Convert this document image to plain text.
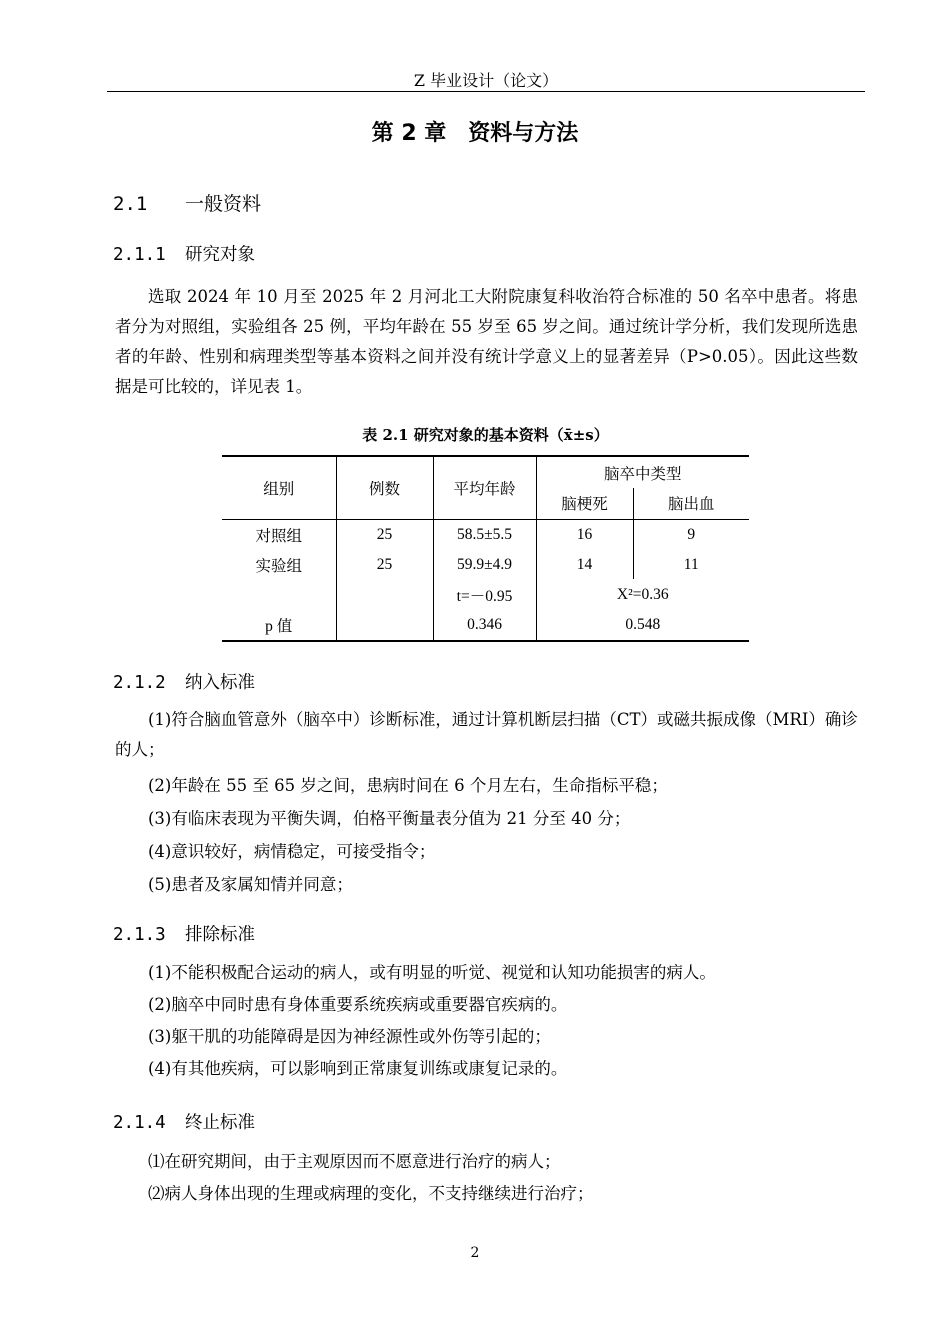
Z 毕业设计（论文）
第 2 章　资料与方法
2.1 一般资料
2.1.1 研究对象
选取 2024 年 10 月至 2025 年 2 月河北工大附院康复科收治符合标准的 50 名卒中患者。将患者分为对照组，实验组各 25 例，平均年龄在 55 岁至 65 岁之间。通过统计学分析，我们发现所选患者的年龄、性别和病理类型等基本资料之间并没有统计学意义上的显著差异（P>0.05）。因此这些数据是可比较的，详见表 1。
表 2.1 研究对象的基本资料（x̄±s）
组别	例数	平均年龄	脑卒中类型	
			脑梗死	脑出血
对照组	25	58.5±5.5	16	9
实验组	25	59.9±4.9	14	11
		t=－0.95	X²=0.36	
p 值		0.346	0.548	
2.1.2 纳入标准
(1)符合脑血管意外（脑卒中）诊断标准，通过计算机断层扫描（CT）或磁共振成像（MRI）确诊的人；
(2)年龄在 55 至 65 岁之间，患病时间在 6 个月左右，生命指标平稳；
(3)有临床表现为平衡失调，伯格平衡量表分值为 21 分至 40 分；
(4)意识较好，病情稳定，可接受指令；
(5)患者及家属知情并同意；
2.1.3 排除标准
(1)不能积极配合运动的病人，或有明显的听觉、视觉和认知功能损害的病人。
(2)脑卒中同时患有身体重要系统疾病或重要器官疾病的。
(3)躯干肌的功能障碍是因为神经源性或外伤等引起的；
(4)有其他疾病，可以影响到正常康复训练或康复记录的。
2.1.4 终止标准
⑴在研究期间，由于主观原因而不愿意进行治疗的病人；
⑵病人身体出现的生理或病理的变化，不支持继续进行治疗；
2
